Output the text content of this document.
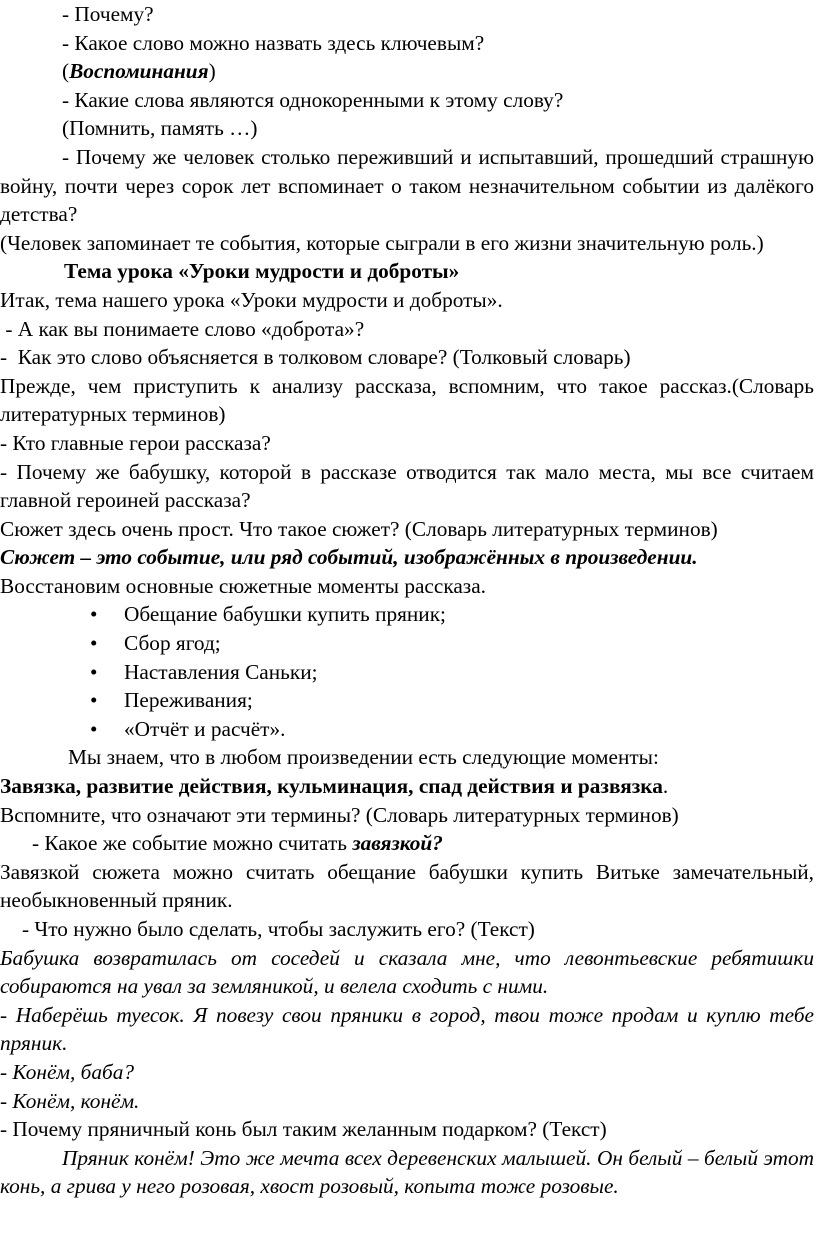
- Почему?

- Какое слово можно назвать здесь ключевым?

(Воспоминания)

- Какие слова являются однокоренными к этому слову?

(Помнить, память …)

- Почему же человек столько переживший и испытавший, прошедший страшную войну, почти через сорок лет вспоминает о таком незначительном событии из далёкого детства?

(Человек запоминает те события, которые сыграли в его жизни значительную роль.)

Тема урока «Уроки мудрости и доброты»

Итак, тема нашего урока «Уроки мудрости и доброты».

- А как вы понимаете слово «доброта»?

-  Как это слово объясняется в толковом словаре? (Толковый словарь)

Прежде, чем приступить к анализу рассказа, вспомним, что такое рассказ.(Словарь литературных терминов)

- Кто главные герои рассказа?

- Почему же бабушку, которой в рассказе отводится так мало места, мы все считаем главной героиней рассказа?

Сюжет здесь очень прост. Что такое сюжет? (Словарь литературных терминов)

Сюжет – это событие, или ряд событий, изображённых в произведении.

Восстановим основные сюжетные моменты рассказа.

• Обещание бабушки купить пряник;
• Сбор ягод;
• Наставления Саньки;
• Переживания;
• «Отчёт и расчёт».

Мы знаем, что в любом произведении есть следующие моменты:

Завязка, развитие действия, кульминация, спад действия и развязка.

Вспомните, что означают эти термины? (Словарь литературных терминов)

- Какое же событие можно считать завязкой?

Завязкой сюжета можно считать обещание бабушки купить Витьке замечательный, необыкновенный пряник.

- Что нужно было сделать, чтобы заслужить его? (Текст)

Бабушка возвратилась от соседей и сказала мне, что левонтьевские ребятишки собираются на увал за земляникой, и велела сходить с ними.

- Наберёшь туесок. Я повезу свои пряники в город, твои тоже продам и куплю тебе пряник.

- Конём, баба?

- Конём, конём.

- Почему пряничный конь был таким желанным подарком? (Текст)

Пряник конём! Это же мечта всех деревенских малышей. Он белый – белый этот конь, а грива у него розовая, хвост розовый, копыта тоже розовые.
